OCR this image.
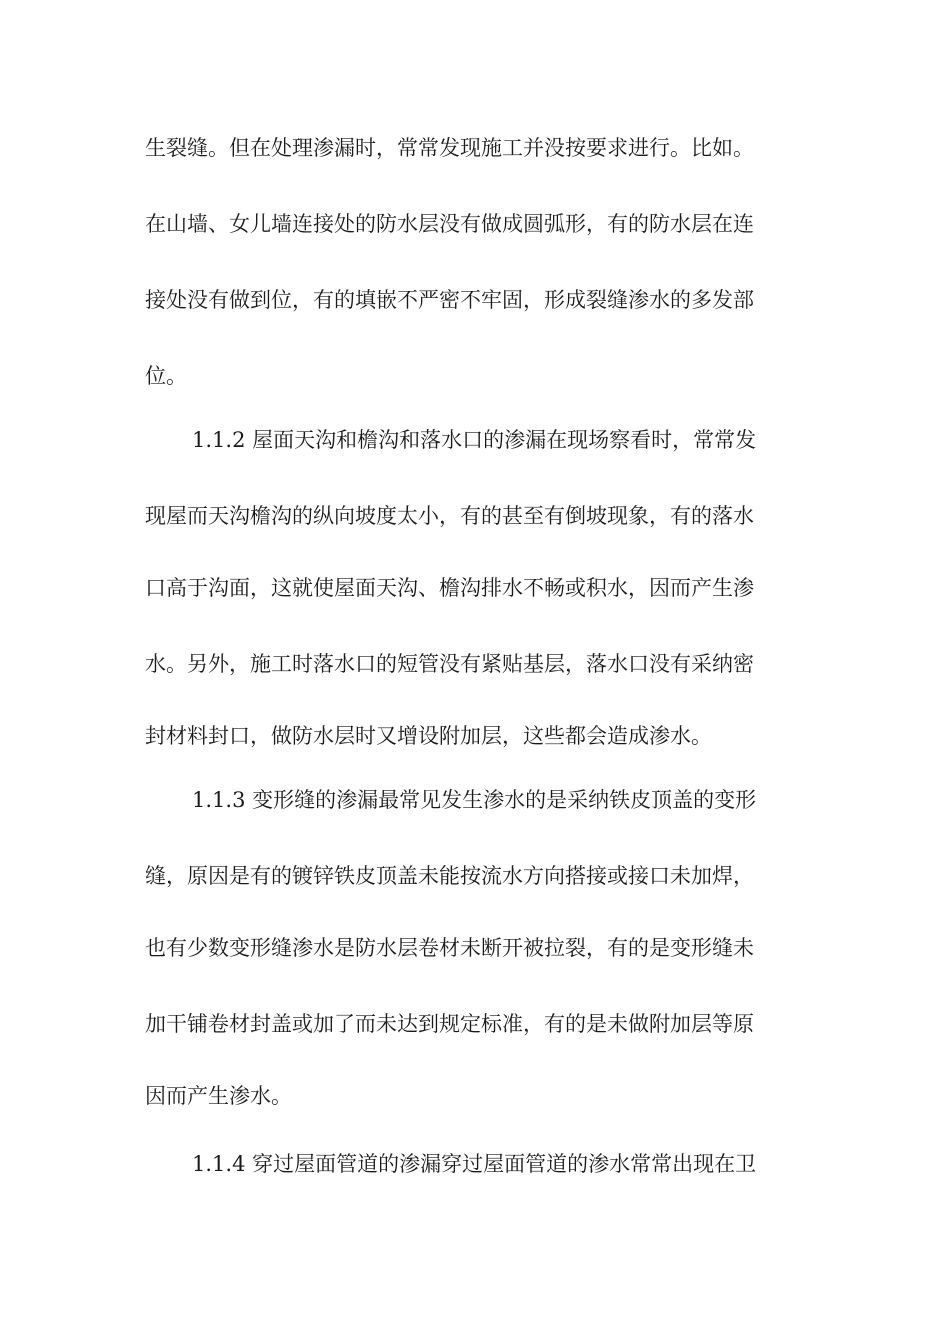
生裂缝。但在处理渗漏时，常常发现施工并没按要求进行。比如。
在山墙、女儿墙连接处的防水层没有做成圆弧形，有的防水层在连
接处没有做到位，有的填嵌不严密不牢固，形成裂缝渗水的多发部
位。
1.1.2 屋面天沟和檐沟和落水口的渗漏在现场察看时，常常发
现屋而天沟檐沟的纵向坡度太小，有的甚至有倒坡现象，有的落水
口高于沟面，这就使屋面天沟、檐沟排水不畅或积水，因而产生渗
水。另外，施工时落水口的短管没有紧贴基层，落水口没有采纳密
封材料封口，做防水层时又增设附加层，这些都会造成渗水。
1.1.3 变形缝的渗漏最常见发生渗水的是采纳铁皮顶盖的变形
缝，原因是有的镀锌铁皮顶盖未能按流水方向搭接或接口未加焊，
也有少数变形缝渗水是防水层卷材未断开被拉裂，有的是变形缝未
加干铺卷材封盖或加了而未达到规定标准，有的是未做附加层等原
因而产生渗水。
1.1.4 穿过屋面管道的渗漏穿过屋面管道的渗水常常出现在卫
